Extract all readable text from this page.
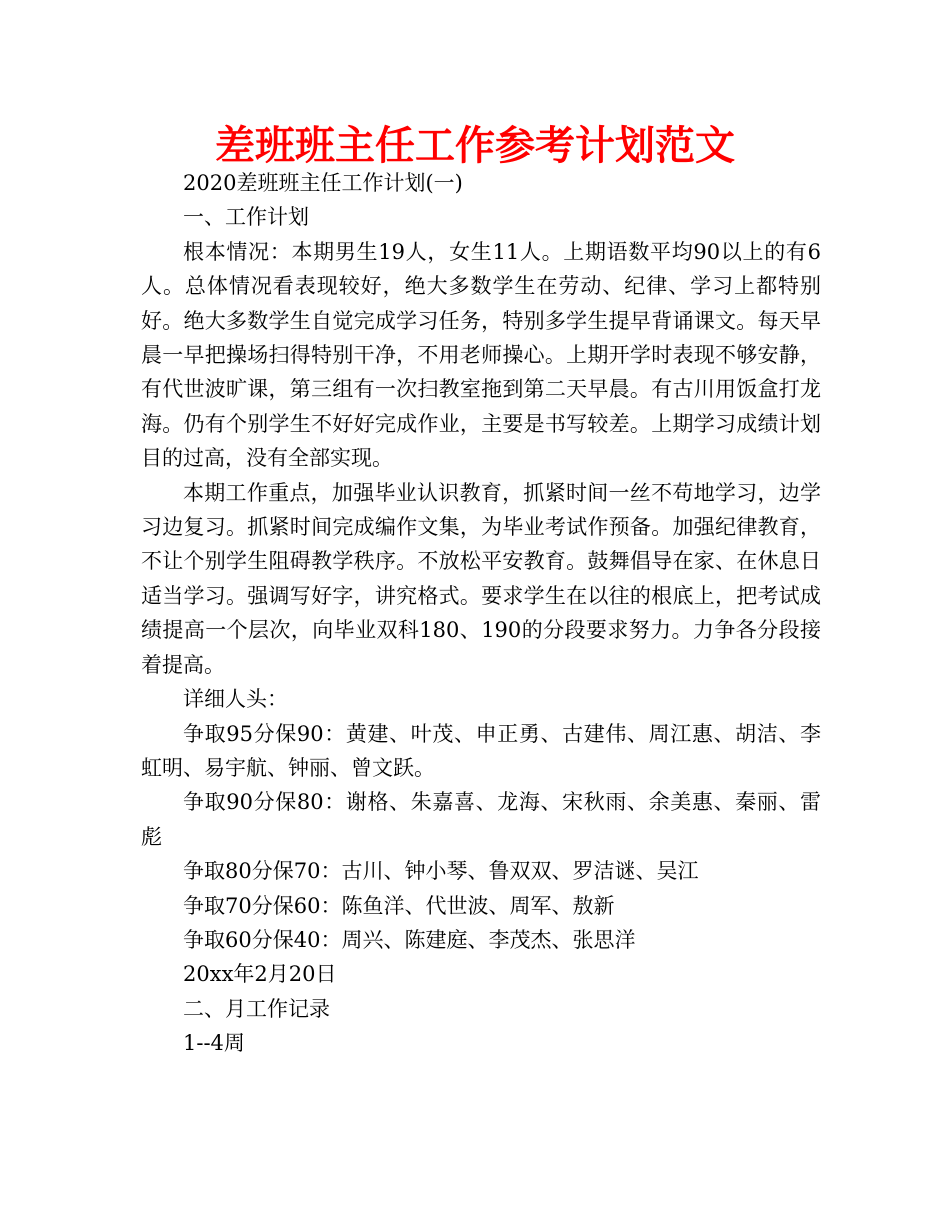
差班班主任工作参考计划范文

2020差班班主任工作计划(一)

一、工作计划

根本情况：本期男生19人，女生11人。上期语数平均90以上的有6人。总体情况看表现较好，绝大多数学生在劳动、纪律、学习上都特别好。绝大多数学生自觉完成学习任务，特别多学生提早背诵课文。每天早晨一早把操场扫得特别干净，不用老师操心。上期开学时表现不够安静，有代世波旷课，第三组有一次扫教室拖到第二天早晨。有古川用饭盒打龙海。仍有个别学生不好好完成作业，主要是书写较差。上期学习成绩计划目的过高，没有全部实现。

本期工作重点，加强毕业认识教育，抓紧时间一丝不苟地学习，边学习边复习。抓紧时间完成编作文集，为毕业考试作预备。加强纪律教育，不让个别学生阻碍教学秩序。不放松平安教育。鼓舞倡导在家、在休息日适当学习。强调写好字，讲究格式。要求学生在以往的根底上，把考试成绩提高一个层次，向毕业双科180、190的分段要求努力。力争各分段接着提高。

详细人头：

争取95分保90：黄建、叶茂、申正勇、古建伟、周江惠、胡洁、李虹明、易宇航、钟丽、曾文跃。

争取90分保80：谢格、朱嘉喜、龙海、宋秋雨、余美惠、秦丽、雷彪

争取80分保70：古川、钟小琴、鲁双双、罗洁谜、吴江

争取70分保60：陈鱼洋、代世波、周军、敖新

争取60分保40：周兴、陈建庭、李茂杰、张思洋

20xx年2月20日

二、月工作记录

1--4周
